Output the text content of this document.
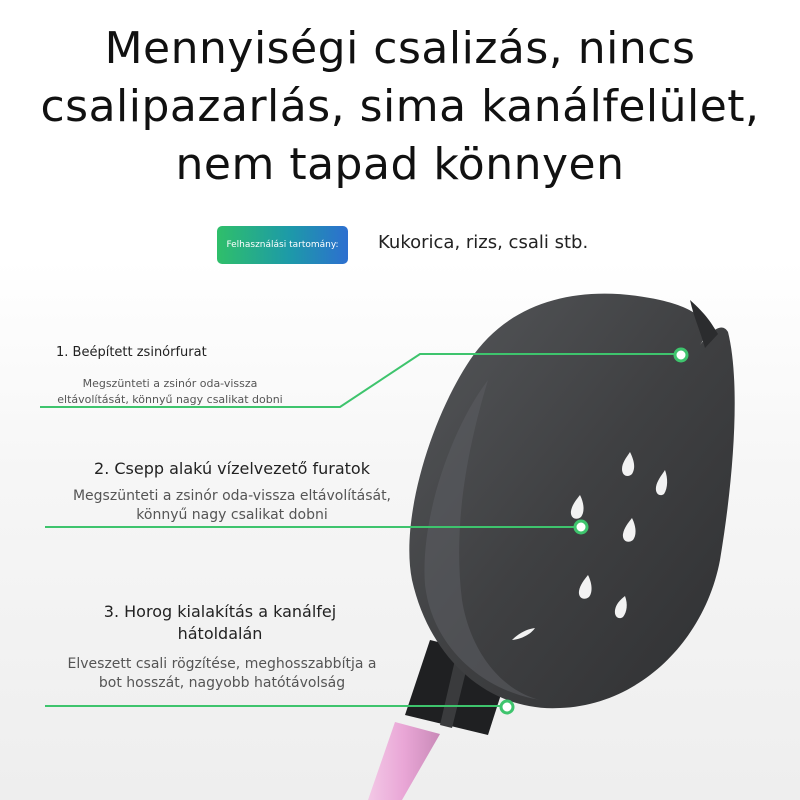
Mennyiségi csalizás, nincs
csalipazarlás, sima kanálfelület,
nem tapad könnyen
Felhasználási tartomány:	Kukorica, rizs, csali stb.
1. Beépített zsinórfurat
Megszünteti a zsinór oda-vissza
eltávolítását, könnyű nagy csalikat dobni
2. Csepp alakú vízelvezető furatok
Megszünteti a zsinór oda-vissza eltávolítását,
könnyű nagy csalikat dobni
3. Horog kialakítás a kanálfej
hátoldalán
Elveszett csali rögzítése, meghosszabbítja a
bot hosszát, nagyobb hatótávolság
